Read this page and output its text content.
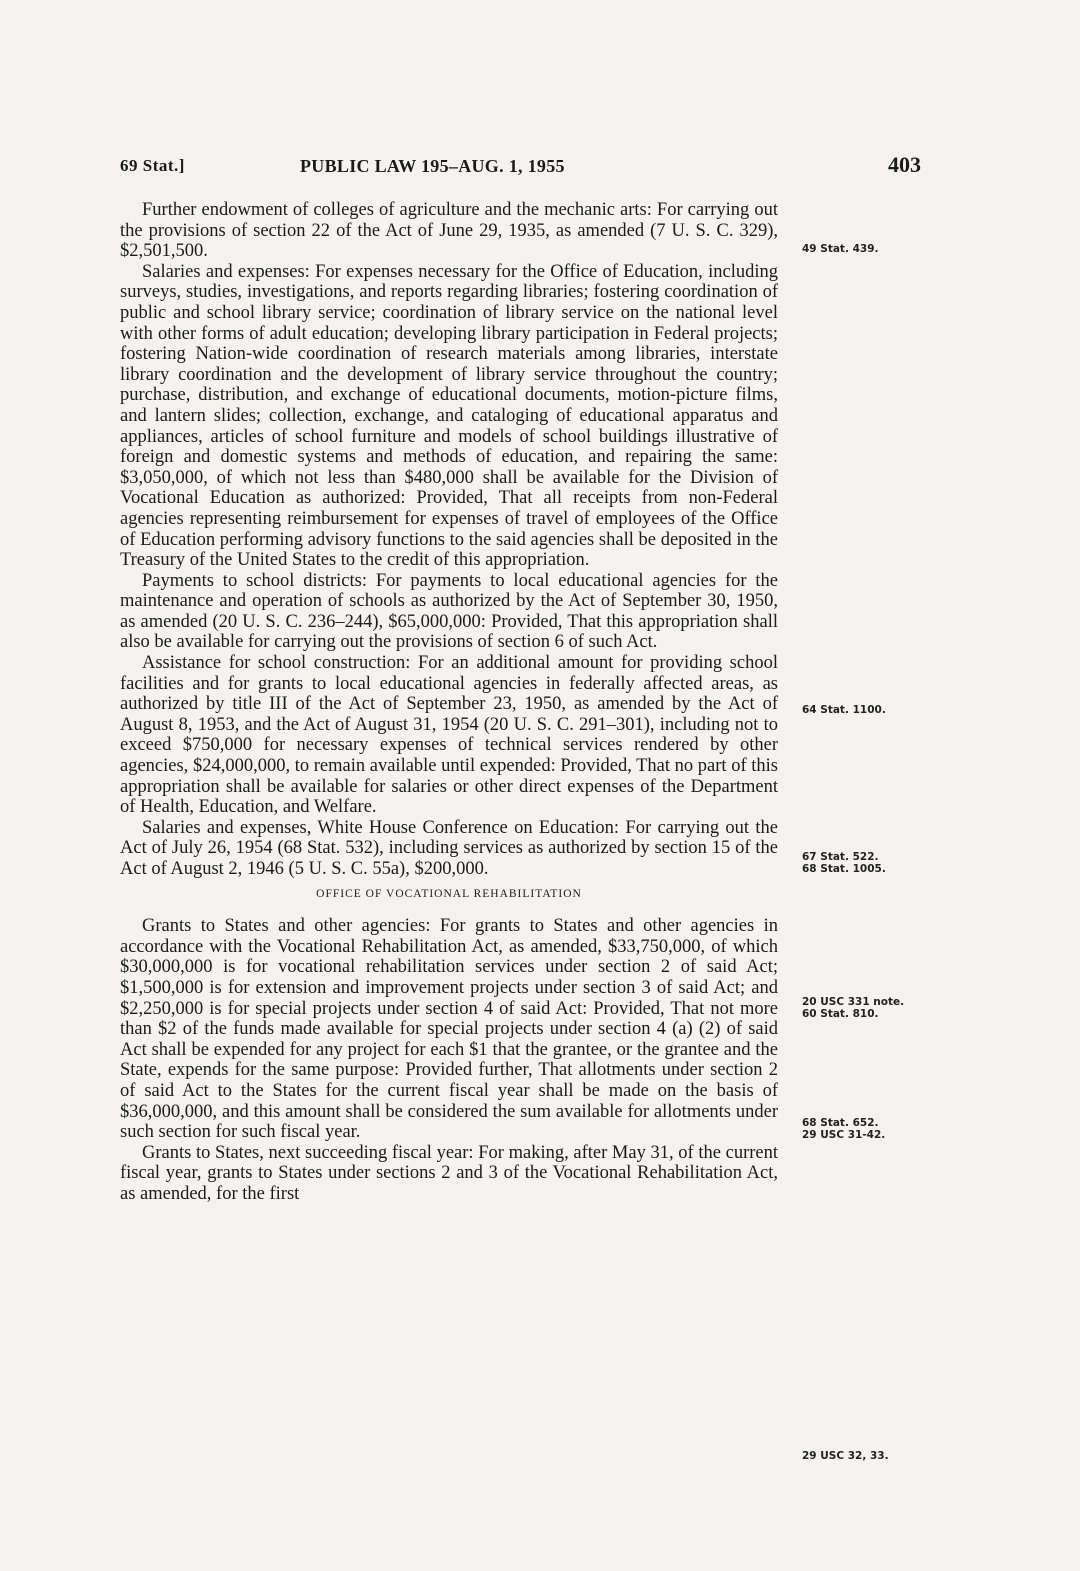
69 Stat.]	PUBLIC LAW 195–AUG. 1, 1955	403

Further endowment of colleges of agriculture and the mechanic arts: For carrying out the provisions of section 22 of the Act of June 29, 1935, as amended (7 U. S. C. 329), $2,501,500.

Salaries and expenses: For expenses necessary for the Office of Education, including surveys, studies, investigations, and reports regarding libraries; fostering coordination of public and school library service; coordination of library service on the national level with other forms of adult education; developing library participation in Federal projects; fostering Nation-wide coordination of research materials among libraries, interstate library coordination and the development of library service throughout the country; purchase, distribution, and exchange of educational documents, motion-picture films, and lantern slides; collection, exchange, and cataloging of educational apparatus and appliances, articles of school furniture and models of school buildings illustrative of foreign and domestic systems and methods of education, and repairing the same: $3,050,000, of which not less than $480,000 shall be available for the Division of Vocational Education as authorized: Provided, That all receipts from non-Federal agencies representing reimbursement for expenses of travel of employees of the Office of Education performing advisory functions to the said agencies shall be deposited in the Treasury of the United States to the credit of this appropriation.

Payments to school districts: For payments to local educational agencies for the maintenance and operation of schools as authorized by the Act of September 30, 1950, as amended (20 U. S. C. 236–244), $65,000,000: Provided, That this appropriation shall also be available for carrying out the provisions of section 6 of such Act.

Assistance for school construction: For an additional amount for providing school facilities and for grants to local educational agencies in federally affected areas, as authorized by title III of the Act of September 23, 1950, as amended by the Act of August 8, 1953, and the Act of August 31, 1954 (20 U. S. C. 291–301), including not to exceed $750,000 for necessary expenses of technical services rendered by other agencies, $24,000,000, to remain available until expended: Provided, That no part of this appropriation shall be available for salaries or other direct expenses of the Department of Health, Education, and Welfare.

Salaries and expenses, White House Conference on Education: For carrying out the Act of July 26, 1954 (68 Stat. 532), including services as authorized by section 15 of the Act of August 2, 1946 (5 U. S. C. 55a), $200,000.

OFFICE OF VOCATIONAL REHABILITATION

Grants to States and other agencies: For grants to States and other agencies in accordance with the Vocational Rehabilitation Act, as amended, $33,750,000, of which $30,000,000 is for vocational rehabilitation services under section 2 of said Act; $1,500,000 is for extension and improvement projects under section 3 of said Act; and $2,250,000 is for special projects under section 4 of said Act: Provided, That not more than $2 of the funds made available for special projects under section 4 (a) (2) of said Act shall be expended for any project for each $1 that the grantee, or the grantee and the State, expends for the same purpose: Provided further, That allotments under section 2 of said Act to the States for the current fiscal year shall be made on the basis of $36,000,000, and this amount shall be considered the sum available for allotments under such section for such fiscal year.

Grants to States, next succeeding fiscal year: For making, after May 31, of the current fiscal year, grants to States under sections 2 and 3 of the Vocational Rehabilitation Act, as amended, for the first

49 Stat. 439.
64 Stat. 1100.
67 Stat. 522.
68 Stat. 1005.
20 USC 331 note.
60 Stat. 810.
68 Stat. 652.
29 USC 31-42.
29 USC 32, 33.
